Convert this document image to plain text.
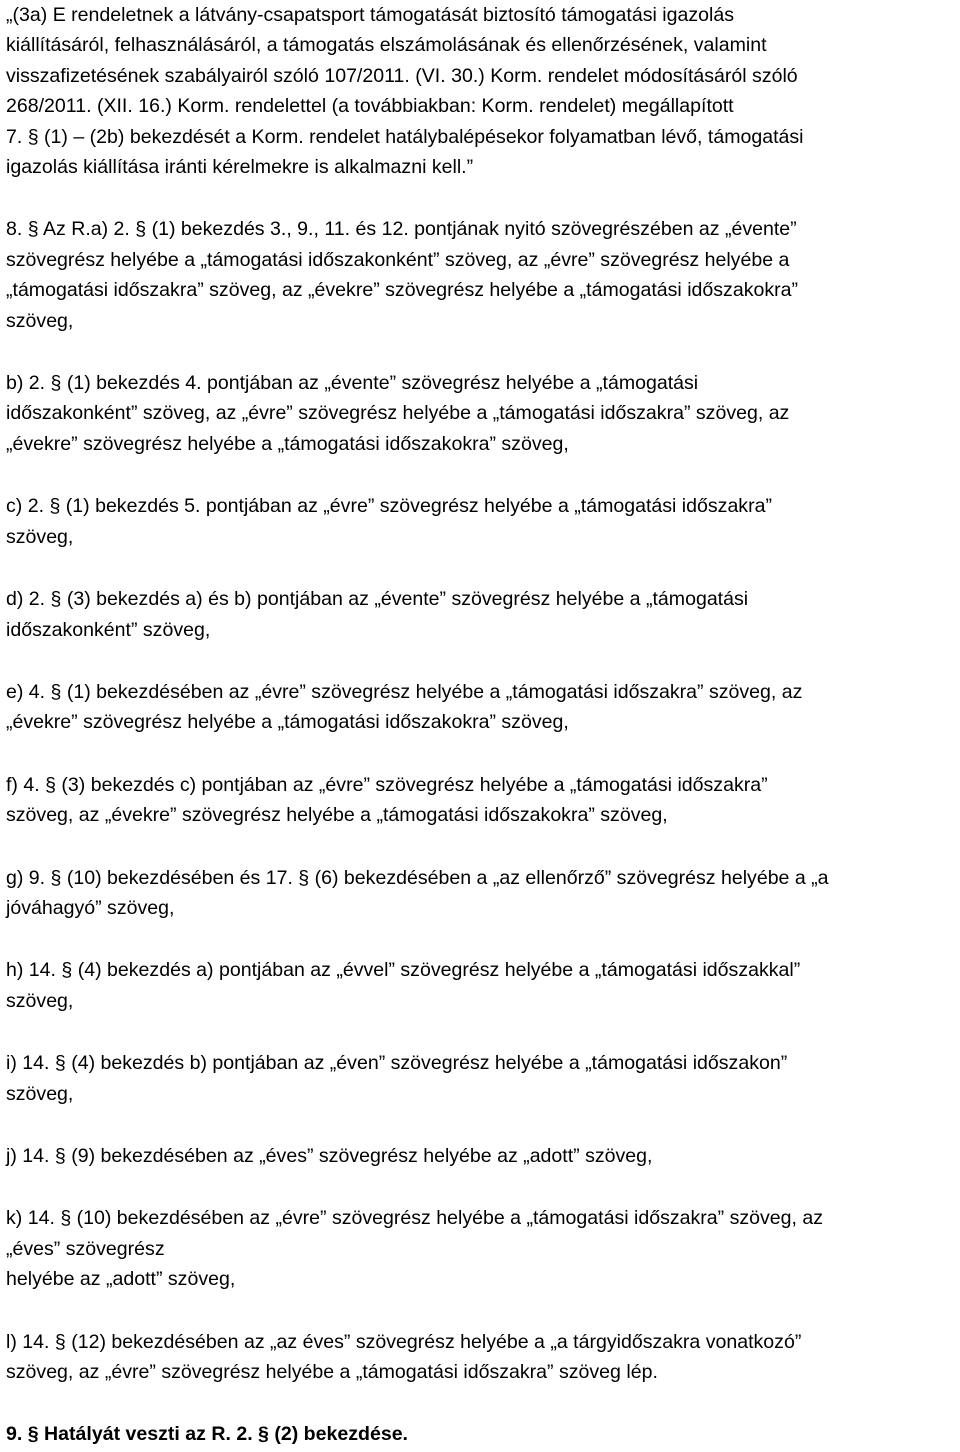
„(3a) E rendeletnek a látvány-csapatsport támogatását biztosító támogatási igazolás
kiállításáról, felhasználásáról, a támogatás elszámolásának és ellenőrzésének, valamint
visszafizetésének szabályairól szóló 107/2011. (VI. 30.) Korm. rendelet módosításáról szóló
268/2011. (XII. 16.) Korm. rendelettel (a továbbiakban: Korm. rendelet) megállapított
7. § (1) – (2b) bekezdését a Korm. rendelet hatálybalépésekor folyamatban lévő, támogatási
igazolás kiállítása iránti kérelmekre is alkalmazni kell.”

8. § Az R.a) 2. § (1) bekezdés 3., 9., 11. és 12. pontjának nyitó szövegrészében az „évente”
szövegrész helyébe a „támogatási időszakonként” szöveg, az „évre” szövegrész helyébe a
„támogatási időszakra” szöveg, az „évekre” szövegrész helyébe a „támogatási időszakokra”
szöveg,

b) 2. § (1) bekezdés 4. pontjában az „évente” szövegrész helyébe a „támogatási
időszakonként” szöveg, az „évre” szövegrész helyébe a „támogatási időszakra” szöveg, az
„évekre” szövegrész helyébe a „támogatási időszakokra” szöveg,

c) 2. § (1) bekezdés 5. pontjában az „évre” szövegrész helyébe a „támogatási időszakra”
szöveg,

d) 2. § (3) bekezdés a) és b) pontjában az „évente” szövegrész helyébe a „támogatási
időszakonként” szöveg,

e) 4. § (1) bekezdésében az „évre” szövegrész helyébe a „támogatási időszakra” szöveg, az
„évekre” szövegrész helyébe a „támogatási időszakokra” szöveg,

f) 4. § (3) bekezdés c) pontjában az „évre” szövegrész helyébe a „támogatási időszakra”
szöveg, az „évekre” szövegrész helyébe a „támogatási időszakokra” szöveg,

g) 9. § (10) bekezdésében és 17. § (6) bekezdésében a „az ellenőrző” szövegrész helyébe a „a
jóváhagyó” szöveg,

h) 14. § (4) bekezdés a) pontjában az „évvel” szövegrész helyébe a „támogatási időszakkal”
szöveg,

i) 14. § (4) bekezdés b) pontjában az „éven” szövegrész helyébe a „támogatási időszakon”
szöveg,

j) 14. § (9) bekezdésében az „éves” szövegrész helyébe az „adott” szöveg,

k) 14. § (10) bekezdésében az „évre” szövegrész helyébe a „támogatási időszakra” szöveg, az
„éves” szövegrész
helyébe az „adott” szöveg,

l) 14. § (12) bekezdésében az „az éves” szövegrész helyébe a „a tárgyidőszakra vonatkozó”
szöveg, az „évre” szövegrész helyébe a „támogatási időszakra” szöveg lép.

9. § Hatályát veszti az R. 2. § (2) bekezdése.
